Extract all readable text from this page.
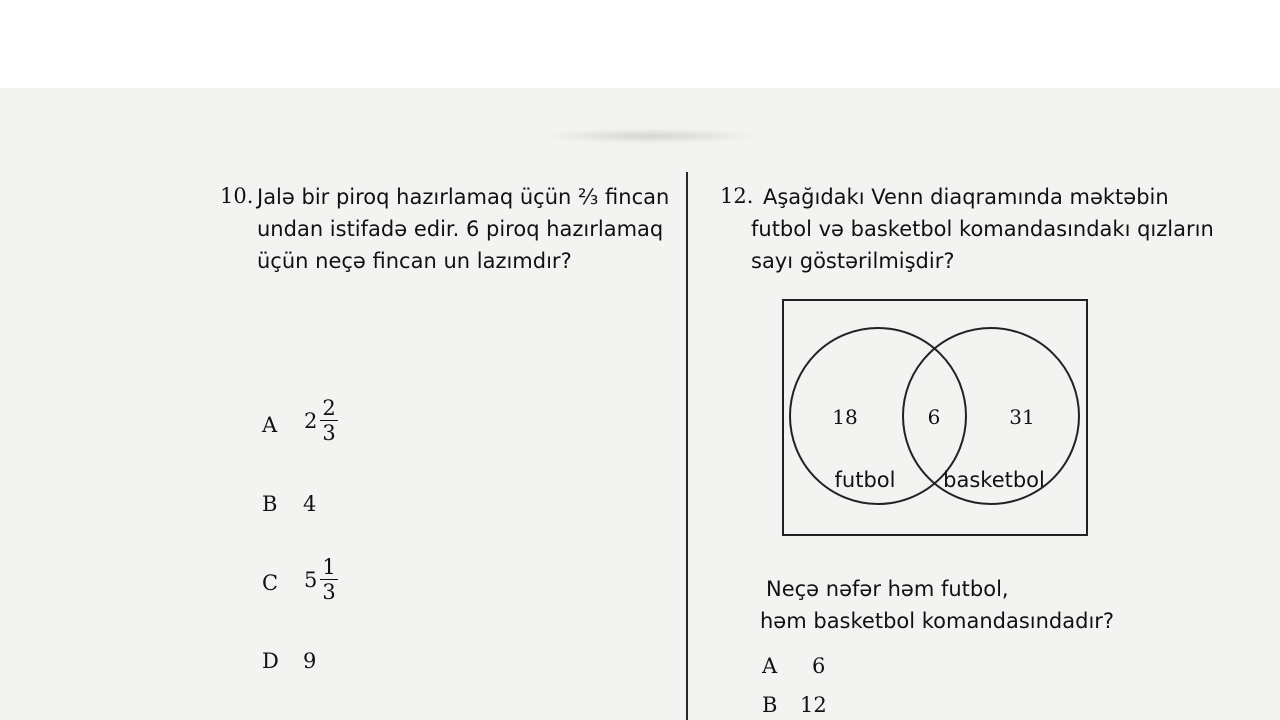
10. Jalə bir piroq hazırlamaq üçün ⅔ fincan
undan istifadə edir. 6 piroq hazırlamaq
üçün neçə fincan un lazımdır?
A $2 \frac{2}{3}$
B 4
C $5 \frac{1}{3}$
D 9
12. Aşağıdakı Venn diaqramında məktəbin
futbol və basketbol komandasındakı qızların
sayı göstərilmişdir?
18	6	31
futbol basketbol
Neçə nəfər həm futbol,
həm basketbol komandasındadır?
A 6
B 12
